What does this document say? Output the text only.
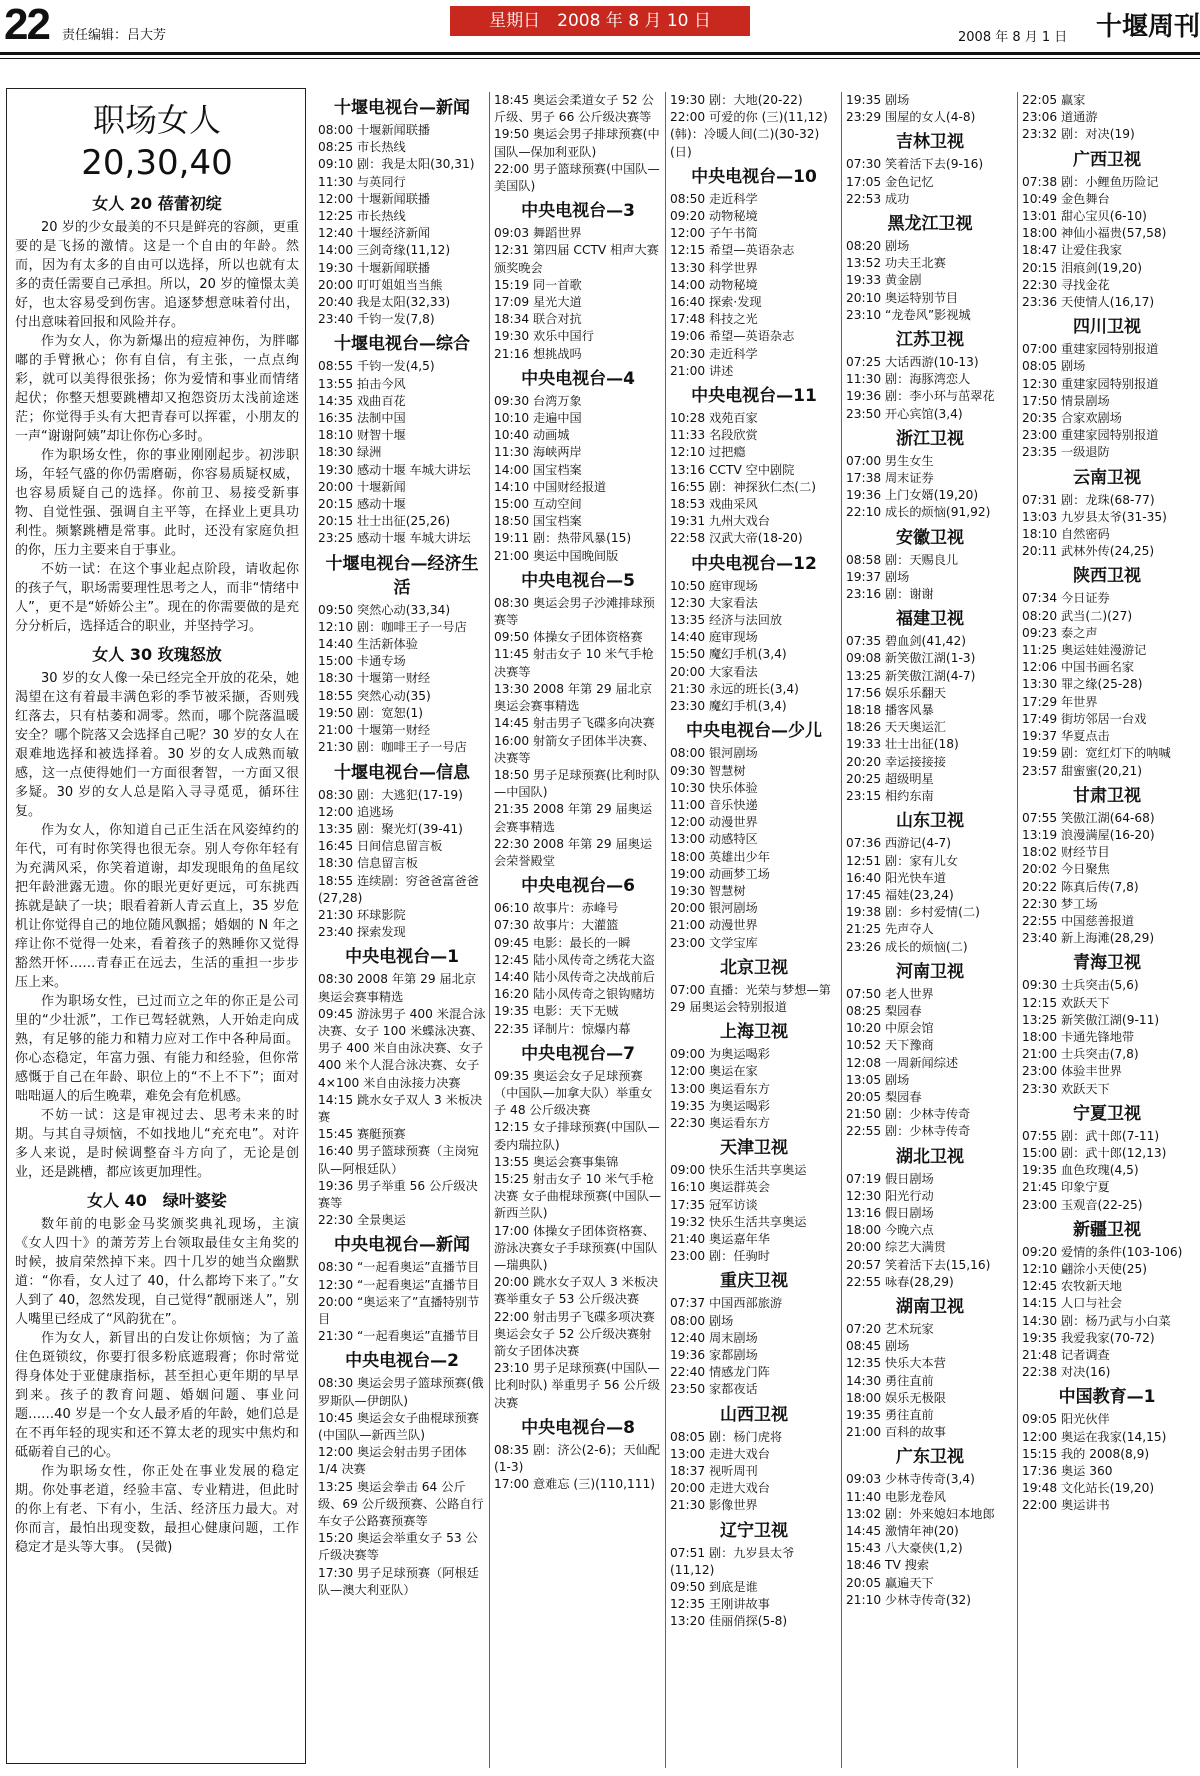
22 责任编辑：吕大芳
星期日　2008 年 8 月 10 日
2008 年 8 月 1 日 十堰周刊
职场女人
20,30,40
女人 20 蓓蕾初绽

20 岁的少女最美的不只是鲜亮的容颜，更重要的是飞扬的激情。这是一个自由的年龄。然而，因为有太多的自由可以选择，所以也就有太多的责任需要自己承担。所以，20 岁的憧憬太美好，也太容易受到伤害。追逐梦想意味着付出，付出意味着回报和风险并存。

作为女人，你为新爆出的痘痘神伤，为胖嘟嘟的手臂揪心；你有自信，有主张，一点点绚彩，就可以美得很张扬；你为爱情和事业而情绪起伏；你整天想要跳槽却又抱怨资历太浅前途迷茫；你觉得手头有大把青春可以挥霍，小朋友的一声“谢谢阿姨”却让你伤心多时。

作为职场女性，你的事业刚刚起步。初涉职场，年轻气盛的你仍需磨砺，你容易质疑权威，也容易质疑自己的选择。你前卫、易接受新事物、自觉性强、强调自主平等，在择业上更具功利性。频繁跳槽是常事。此时，还没有家庭负担的你，压力主要来自于事业。

不妨一试：在这个事业起点阶段，请收起你的孩子气，职场需要理性思考之人，而非“情绪中人”，更不是“娇娇公主”。现在的你需要做的是充分分析后，选择适合的职业，并坚持学习。

女人 30 玫瑰怒放

30 岁的女人像一朵已经完全开放的花朵，她渴望在这有着最丰满色彩的季节被采撷，否则残红落去，只有枯萎和凋零。然而，哪个院落温暖安全？哪个院落又会选择自己呢？30 岁的女人在艰难地选择和被选择着。30 岁的女人成熟而敏感，这一点使得她们一方面很奢智，一方面又很多疑。30 岁的女人总是陷入寻寻觅觅，循环往复。

作为女人，你知道自己正生活在风姿绰约的年代，可有时你笑得也很无奈。别人夸你年轻有为充满风采，你笑着道谢，却发现眼角的鱼尾纹把年龄泄露无遗。你的眼光更好更远，可东挑西拣就是缺了一块；眼看着新人青云直上，35 岁危机让你觉得自己的地位随风飘摇；婚姻的 N 年之痒让你不觉得一处来，看着孩子的熟睡你又觉得豁然开怀……青春正在远去，生活的重担一步步压上来。

作为职场女性，已过而立之年的你正是公司里的“少壮派”，工作已驾轻就熟，人开始走向成熟，有足够的能力和精力应对工作中各种局面。你心态稳定，年富力强、有能力和经验，但你常感慨于自己在年龄、职位上的“不上不下”；面对咄咄逼人的后生晚辈，难免会有危机感。

不妨一试：这是审视过去、思考未来的时期。与其自寻烦恼，不如找地儿“充充电”。对许多人来说，是时候调整奋斗方向了，无论是创业，还是跳槽，都应该更加理性。

女人 40　绿叶婆娑

数年前的电影金马奖颁奖典礼现场，主演《女人四十》的萧芳芳上台领取最佳女主角奖的时候，披肩荣然掉下来。四十几岁的她当众幽默道：“你看，女人过了 40，什么都垮下来了。”女人到了 40，忽然发现，自己觉得“靓丽迷人”，别人嘴里已经成了“风韵犹在”。

作为女人，新冒出的白发让你烦恼；为了盖住色斑锁纹，你要打很多粉底遮瑕膏；你时常觉得身体处于亚健康指标，甚至担心更年期的早早到来。孩子的教育问题、婚姻问题、事业问题……40 岁是一个女人最矛盾的年龄，她们总是在不再年轻的现实和还不算太老的现实中焦灼和砥砺着自己的心。

作为职场女性，你正处在事业发展的稳定期。你处事老道，经验丰富、专业精进，但此时的你上有老、下有小，生活、经济压力最大。对你而言，最怕出现变数，最担心健康问题，工作稳定才是头等大事。 (吴微)

十堰电视台—新闻
08:00 十堰新闻联播
08:25 市长热线
09:10 剧：我是太阳(30,31)
11:30 与英同行
12:00 十堰新闻联播
12:25 市长热线
12:40 十堰经济新闻
14:00 三剑奇缘(11,12)
19:30 十堰新闻联播
20:00 叮叮姐姐当当熊
20:40 我是太阳(32,33)
23:40 千钧一发(7,8)
十堰电视台—综合
08:55 千钧一发(4,5)
13:55 拍击今风
14:35 戏曲百花
16:35 法制中国
18:10 财智十堰
18:30 绿洲
19:30 感动十堰 车城大讲坛
20:00 十堰新闻
20:15 感动十堰
20:15 壮士出征(25,26)
23:25 感动十堰 车城大讲坛
十堰电视台—经济生活
09:50 突然心动(33,34)
12:10 剧：咖啡王子一号店
14:40 生活新体验
15:00 卡通专场
18:30 十堰第一财经
18:55 突然心动(35)
19:50 剧：宽恕(1)
21:00 十堰第一财经
21:30 剧：咖啡王子一号店
十堰电视台—信息
08:30 剧：大逃犯(17-19)
12:00 追逃场
13:35 剧：聚光灯(39-41)
16:45 日间信息留言板
18:30 信息留言板
18:55 连续剧：穷爸爸富爸爸(27,28)
21:30 环球影院
23:40 探索发现
中央电视台—1
08:30 2008 年第 29 届北京奥运会赛事精选
09:45 游泳男子 400 米混合泳决赛、女子 100 米蝶泳决赛、男子 400 米自由泳决赛、女子 400 米个人混合泳决赛、女子 4×100 米自由泳接力决赛
14:15 跳水女子双人 3 米板决赛
15:45 赛艇预赛
16:40 男子篮球预赛（主岗宛队—阿根廷队）
19:36 男子举重 56 公斤级决赛等
22:30 全景奥运
中央电视台—新闻
08:30 “一起看奥运”直播节目
12:30 “一起看奥运”直播节目
20:00 “奥运来了”直播特别节目
21:30 “一起看奥运”直播节目
中央电视台—2
08:30 奥运会男子篮球预赛(俄罗斯队—伊朗队)
10:45 奥运会女子曲棍球预赛(中国队—新西兰队)
12:00 奥运会射击男子团体 1/4 决赛
13:25 奥运会拳击 64 公斤级、69 公斤级预赛、公路自行车女子公路赛预赛等
15:20 奥运会举重女子 53 公斤级决赛等
17:30 男子足球预赛（阿根廷队—澳大利亚队）
18:45 奥运会柔道女子 52 公斤级、男子 66 公斤级决赛等
19:50 奥运会男子排球预赛(中国队—保加利亚队)
22:00 男子篮球预赛(中国队—美国队)
中央电视台—3
09:03 舞蹈世界
12:31 第四届 CCTV 相声大赛颁奖晚会
15:19 同一首歌
17:09 星光大道
18:34 联合对抗
19:30 欢乐中国行
21:16 想挑战吗
中央电视台—4
09:30 台湾万象
10:10 走遍中国
10:40 动画城
11:30 海峡两岸
14:00 国宝档案
14:10 中国财经报道
15:00 互动空间
18:50 国宝档案
19:11 剧：热带风暴(15)
21:00 奥运中国晚间版
中央电视台—5
08:30 奥运会男子沙滩排球预赛等
09:50 体操女子团体资格赛
11:45 射击女子 10 米气手枪决赛等
13:30 2008 年第 29 届北京奥运会赛事精选
14:45 射击男子飞碟多向决赛
16:00 射箭女子团体半决赛、决赛等
18:50 男子足球预赛(比利时队—中国队)
21:35 2008 年第 29 届奥运会赛事精选
22:30 2008 年第 29 届奥运会荣誉殿堂
中央电视台—6
06:10 故事片：赤峰号
07:30 故事片：大灌篮
09:45 电影：最长的一瞬
12:45 陆小凤传奇之绣花大盗
14:40 陆小凤传奇之决战前后
16:20 陆小凤传奇之银钩赌坊
19:35 电影：天下无贼
22:35 译制片：惊爆内幕
中央电视台—7
09:35 奥运会女子足球预赛（中国队—加拿大队）举重女子 48 公斤级决赛
12:15 女子排球预赛(中国队—委内瑞拉队)
13:55 奥运会赛事集锦
15:25 射击女子 10 米气手枪决赛 女子曲棍球预赛(中国队—新西兰队)
17:00 体操女子团体资格赛、游泳决赛女子手球预赛(中国队—瑞典队)
20:00 跳水女子双人 3 米板决赛举重女子 53 公斤级决赛
22:00 射击男子飞碟多项决赛奥运会女子 52 公斤级决赛射箭女子团体决赛
23:10 男子足球预赛(中国队—比利时队) 举重男子 56 公斤级决赛
中央电视台—8
08:35 剧：济公(2-6)；天仙配(1-3)
17:00 意难忘 (三)(110,111)
19:30 剧：大地(20-22)
22:00 可爱的你 (三)(11,12)
(韩)：冷暖人间(二)(30-32)(日)
中央电视台—10
08:50 走近科学
09:20 动物秘境
12:00 子午书简
12:15 希望—英语杂志
13:30 科学世界
14:00 动物秘境
16:40 探索·发现
17:48 科技之光
19:06 希望—英语杂志
20:30 走近科学
21:00 讲述
中央电视台—11
10:28 戏苑百家
11:33 名段欣赏
12:10 过把瘾
13:16 CCTV 空中剧院
16:55 剧：神探狄仁杰(二)
18:53 戏曲采风
19:31 九州大戏台
22:58 汉武大帝(18-20)
中央电视台—12
10:50 庭审现场
12:30 大家看法
13:35 经济与法回放
14:40 庭审现场
15:50 魔幻手机(3,4)
20:00 大家看法
21:30 永远的班长(3,4)
23:30 魔幻手机(3,4)
中央电视台—少儿
08:00 银河剧场
09:30 智慧树
10:30 快乐体验
11:00 音乐快递
12:00 动漫世界
13:00 动感特区
18:00 英雄出少年
19:00 动画梦工场
19:30 智慧树
20:00 银河剧场
21:00 动漫世界
23:00 文学宝库
北京卫视
07:00 直播：光荣与梦想—第 29 届奥运会特别报道
上海卫视
09:00 为奥运喝彩
12:00 奥运在家
13:00 奥运看东方
19:35 为奥运喝彩
22:30 奥运看东方
天津卫视
09:00 快乐生活共享奥运
16:10 奥运群英会
17:35 冠军访谈
19:32 快乐生活共享奥运
21:40 奥运嘉年华
23:00 剧：任驹时
重庆卫视
07:37 中国西部旅游
08:00 剧场
12:40 周末剧场
19:36 家都剧场
22:40 情感龙门阵
23:50 家都夜话
山西卫视
08:05 剧：杨门虎将
13:00 走进大戏台
18:37 视听周刊
20:00 走进大戏台
21:30 影像世界
辽宁卫视
07:51 剧：九岁县太爷(11,12)
09:50 到底是谁
12:35 王刚讲故事
13:20 佳丽俏探(5-8)
19:35 剧场
23:29 围屋的女人(4-8)
吉林卫视
07:30 笑着活下去(9-16)
17:05 金色记忆
22:53 成功
黑龙江卫视
08:20 剧场
13:52 功夫王北赛
19:33 黄金剧
20:10 奥运特别节目
23:10 “龙卷风”影视城
江苏卫视
07:25 大话西游(10-13)
11:30 剧：海豚湾恋人
19:36 剧：李小环与茁翠花
23:50 开心宾馆(3,4)
浙江卫视
07:00 男生女生
17:38 周末证券
19:36 上门女婿(19,20)
22:10 成长的烦恼(91,92)
安徽卫视
08:58 剧：天赐良儿
19:37 剧场
23:16 剧：谢谢
福建卫视
07:35 碧血剑(41,42)
09:08 新笑傲江湖(1-3)
13:25 新笑傲江湖(4-7)
17:56 娱乐乐翻天
18:18 播客风暴
18:26 天天奥运汇
19:33 壮士出征(18)
20:20 幸运接接接
20:25 超级明星
23:15 相约东南
山东卫视
07:36 西游记(4-7)
12:51 剧：家有儿女
16:40 阳光快车道
17:45 福娃(23,24)
19:38 剧：乡村爱情(二)
21:25 先声夺人
23:26 成长的烦恼(二)
河南卫视
07:50 老人世界
08:25 梨园春
10:20 中原会馆
10:52 天下豫商
12:08 一周新闻综述
13:05 剧场
20:05 梨园春
21:50 剧：少林寺传奇
22:55 剧：少林寺传奇
湖北卫视
07:19 假日剧场
12:30 阳光行动
13:16 假日剧场
18:00 今晚六点
20:00 综艺大满贯
20:57 笑着活下去(15,16)
22:55 咏春(28,29)
湖南卫视
07:20 艺术玩家
08:45 剧场
12:35 快乐大本营
14:30 勇往直前
18:00 娱乐无极限
19:35 勇往直前
21:00 百科的故事
广东卫视
09:03 少林寺传奇(3,4)
11:40 电影龙卷风
13:02 剧：外来媳妇本地郎
14:45 激情年神(20)
15:43 八大豪侠(1,2)
18:46 TV 搜索
20:05 赢遍天下
21:10 少林寺传奇(32)
22:05 赢家
23:06 道通游
23:32 剧：对决(19)
广西卫视
07:38 剧：小鲤鱼历险记
10:49 金色舞台
13:01 甜心宝贝(6-10)
18:00 神仙小福贵(57,58)
18:47 让爱住我家
20:15 泪痕剑(19,20)
22:30 寻找金花
23:36 天使情人(16,17)
四川卫视
07:00 重建家园特别报道
08:05 剧场
12:30 重建家园特别报道
17:50 情景剧场
20:35 合家欢剧场
23:00 重建家园特别报道
23:35 一级退防
云南卫视
07:31 剧：龙珠(68-77)
13:03 九岁县太爷(31-35)
18:10 自然密码
20:11 武林外传(24,25)
陕西卫视
07:34 今日证券
08:20 武当(二)(27)
09:23 泰之声
11:25 奥运娃娃漫游记
12:06 中国书画名家
13:30 罪之缘(25-28)
17:29 年世界
17:49 街坊邻居一台戏
19:37 华夏点击
19:59 剧：宽红灯下的呐喊
23:57 甜蜜蜜(20,21)
甘肃卫视
07:55 笑傲江湖(64-68)
13:19 浪漫满屋(16-20)
18:02 财经节目
20:02 今日聚焦
20:22 陈真后传(7,8)
22:30 梦工场
22:55 中国慈善报道
23:40 新上海滩(28,29)
青海卫视
09:30 士兵突击(5,6)
12:15 欢跃天下
13:25 新笑傲江湖(9-11)
18:00 卡通先锋地带
21:00 士兵突击(7,8)
23:00 体验丰世界
23:30 欢跃天下
宁夏卫视
07:55 剧：武十郎(7-11)
15:00 剧：武十郎(12,13)
19:35 血色玫瑰(4,5)
21:45 印象宁夏
23:00 玉观音(22-25)
新疆卫视
09:20 爱情的条件(103-106)
12:10 翩涂小天使(25)
12:45 农牧新天地
14:15 人口与社会
14:30 剧：杨乃武与小白菜
19:35 我爱我家(70-72)
21:48 记者调查
22:38 对决(16)
中国教育—1
09:05 阳光伙伴
12:00 奥运在我家(14,15)
15:15 我的 2008(8,9)
17:36 奥运 360
19:48 文化站长(19,20)
22:00 奥运讲书
